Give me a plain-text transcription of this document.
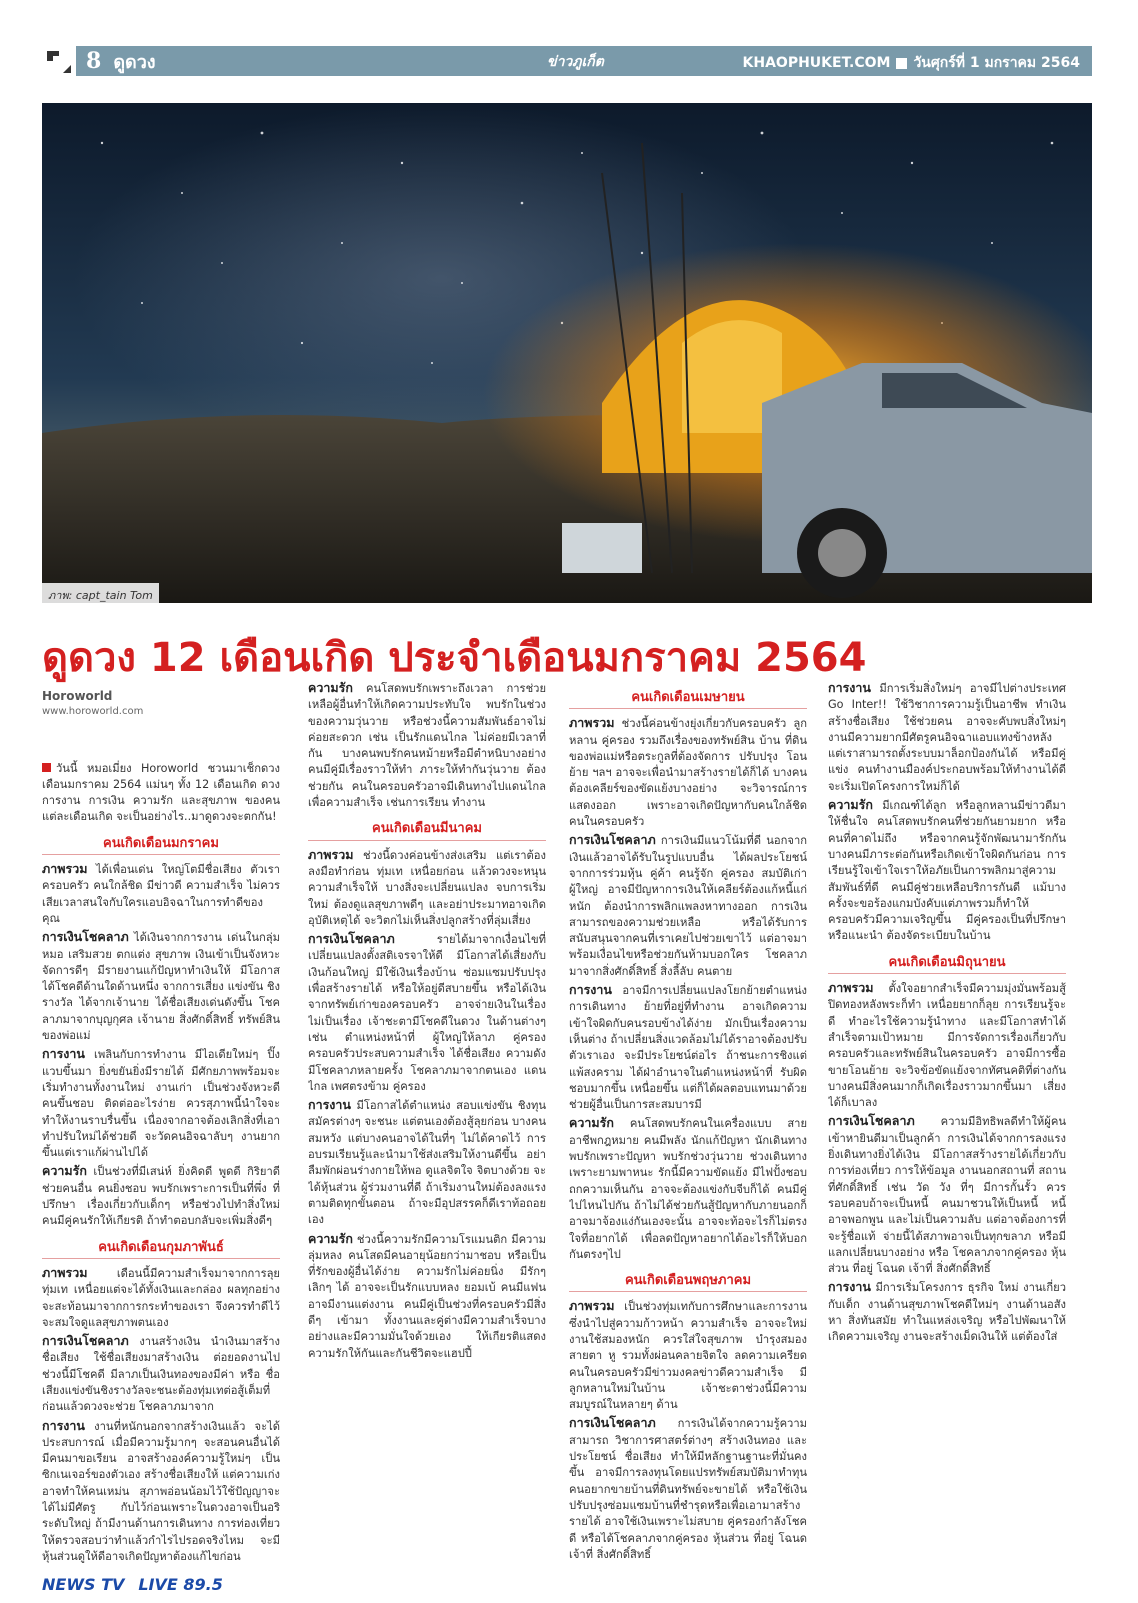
8 ดูดวง	ข่าวภูเก็ต	KHAOPHUKET.COM วันศุกร์ที่ 1 มกราคม 2564
ภาพ: capt_tain Tom
ดูดวง 12 เดือนเกิด ประจำเดือนมกราคม 2564
Horoworld
www.horoworld.com
วันนี้ หมอเมี่ยง Horoworld ชวนมาเช็กดวงเดือนมกราคม 2564 แม่นๆ ทั้ง 12 เดือนเกิด ดวงการงาน การเงิน ความรัก และสุขภาพ ของคนแต่ละเดือนเกิด จะเป็นอย่างไร..มาดูดวงจะตกกัน!
คนเกิดเดือนมกราคม

ภาพรวม ได้เพื่อนเด่น ใหญ่โตมีชื่อเสียง ตัวเราครอบครัว คนใกล้ชิด มีข่าวดี ความสำเร็จ ไม่ควรเสียเวลาสนใจกับใครแอบอิจฉาในการทำดีของคุณ

การเงินโชคลาภ ได้เงินจากการงาน เด่นในกลุ่มหมอ เสริมสวย ตกแต่ง สุขภาพ เงินเข้าเป็นจังหวะ จัดการดีๆ มีรายงานแก้ปัญหาทำเงินให้ มีโอกาสได้โชคดีด้านใดด้านหนึ่ง จากการเสี่ยง แข่งขัน ชิงรางวัล ได้จากเจ้านาย ได้ชื่อเสียงเด่นดังขึ้น โชคลาภมาจากบุญกุศล เจ้านาย สิ่งศักดิ์สิทธิ์ ทรัพย์สินของพ่อแม่

การงาน เพลินกับการทำงาน มีไอเดียใหม่ๆ ปิ๊งแวบขึ้นมา ยิ่งขยันยิ่งมีรายได้ มีศักยภาพพร้อมจะเริ่มทำงานทั้งงานใหม่ งานเก่า เป็นช่วงจังหวะดีคนขึ้นชอบ ติดต่ออะไรง่าย ควรสุภาพนี้นำใจจะทำให้งานราบรื่นขึ้น เนื่องจากอาจต้องเลิกสิ่งที่เอาทำปรับใหม่ได้ช่วยดี จะวัดคนอิจฉาลับๆ งานยากขึ้นแต่เราแก้ผ่านไปได้

ความรัก เป็นช่วงที่มีเสน่ห์ ยิ่งคิดดี พูดดี กิริยาดี ช่วยคนอื่น คนยิ่งชอบ พบรักเพราะการเป็นที่พึ่ง ที่ปรึกษา เรื่องเกี่ยวกับเด็กๆ หรือช่วงไปทำสิ่งใหม่ คนมีคู่คนรักให้เกียรติ ถ้าทำตอบกลับจะเพิ่มสิ่งดีๆ

คนเกิดเดือนกุมภาพันธ์

ภาพรวม	เดือนนี้มีความสำเร็จมาจากการลุยทุ่มเท เหนื่อยแต่จะได้ทั้งเงินและกล่อง ผลทุกอย่างจะสะท้อนมาจากการกระทำของเรา จึงควรทำดีไว้จะสมใจดูแลสุขภาพตนเอง

การเงินโชคลาภ งานสร้างเงิน นำเงินมาสร้างชื่อเสียง ใช้ชื่อเสียงมาสร้างเงิน ต่อยอดงานไป ช่วงนี้มีโชคดี มีลาภเป็นเงินทองของมีค่า หรือ ชื่อเสียงแข่งขันชิงรางวัลจะชนะต้องทุ่มเทต่อสู้เต็มที่ก่อนแล้วดวงจะช่วย โชคลาภมาจาก

การงาน งานที่หนักนอกจากสร้างเงินแล้ว จะได้ประสบการณ์ เมื่อมีความรู้มากๆ จะสอนคนอื่นได้ มีคนมาขอเรียน อาจสร้างองค์ความรู้ใหม่ๆ เป็นซิกเนเจอร์ของตัวเอง สร้างชื่อเสียงให้ แต่ความเก่งอาจทำให้คนเหม่น สุภาพอ่อนน้อมไว้ใช้ปัญญาจะได้ไม่มีศัตรู กับไว้ก่อนเพราะในดวงอาจเป็นอริระดับใหญ่ ถ้ามีงานด้านการเดินทาง การท่องเที่ยวให้ตรวจสอบว่าทำแล้วกำไรไปรอดจริงไหม จะมีหุ้นส่วนดูให้ดีอาจเกิดปัญหาต้องแก้ไขก่อน

ความรัก คนโสดพบรักเพราะถึงเวลา การช่วยเหลือผู้อื่นทำให้เกิดความประทับใจ พบรักในช่วงของความวุ่นวาย หรือช่วงนี้ความสัมพันธ์อาจไม่ค่อยสะดวก เช่น เป็นรักแดนไกล ไม่ค่อยมีเวลาที่กัน บางคนพบรักคนหม้ายหรือมีตำหนิบางอย่าง คนมีคู่มีเรื่องราวให้ทำ ภาระให้ทำกันวุ่นวาย ต้องช่วยกัน คนในครอบครัวอาจมีเดินทางไปแดนไกลเพื่อความสำเร็จ เช่นการเรียน ทำงาน

คนเกิดเดือนมีนาคม

ภาพรวม ช่วงนี้ดวงค่อนข้างส่งเสริม แต่เราต้องลงมือทำก่อน ทุ่มเท เหนื่อยก่อน แล้วดวงจะหนุน ความสำเร็จให้ บางสิ่งจะเปลี่ยนแปลง จบการเริ่มใหม่ ต้องดูแลสุขภาพดีๆ และอย่าประมาทอาจเกิดอุบัติเหตุได้ จะวิตกไม่เห็นสิ่งปลูกสร้างที่ลุ่มเสี่ยง

การเงินโชคลาภ	รายได้มาจากเงื่อนไขที่เปลี่ยนแปลงตั้งสติเจรจาให้ดี มีโอกาสได้เสี่ยงกับเงินก้อนใหญ่ มีใช้เงินเรื่องบ้าน ซ่อมแซมปรับปรุงเพื่อสร้างรายได้ หรือให้อยู่ดีสบายขึ้น หรือได้เงินจากทรัพย์เก่าของครอบครัว อาจจ่ายเงินในเรื่องไม่เป็นเรื่อง เจ้าชะตามีโชคดีในดวง ในด้านต่างๆ เช่น ตำแหน่งหน้าที่ ผู้ใหญ่ให้ลาภ คู่ครองครอบครัวประสบความสำเร็จ ได้ชื่อเสียง ความดัง มีโชคลาภหลายครั้ง โชคลาภมาจากตนเอง แดนไกล เพศตรงข้าม คู่ครอง

การงาน มีโอกาสได้ตำแหน่ง สอบแข่งขัน ชิงทุนสมัครต่างๆ จะชนะ แต่ตนเองต้องสู้ลุยก่อน บางคนสมหวัง แต่บางคนอาจได้ในที่ๆ ไม่ได้คาดไว้ การอบรมเรียนรู้และนำมาใช้ส่งเสริมให้งานดีขึ้น อย่าลืมพักผ่อนร่างกายให้พอ ดูแลจิตใจ จิตบางด้วย จะได้หุ้นส่วน ผู้ร่วมงานที่ดี ถ้าเริ่มงานใหม่ต้องลงแรงตามติดทุกขั้นตอน ถ้าจะมีอุปสรรคก็ดีเราท้อถอยเอง

ความรัก ช่วงนี้ความรักมีความโรแมนติก มีความลุ่มหลง คนโสดมีคนอายุน้อยกว่ามาชอบ หรือเป็นที่รักของผู้อื่นได้ง่าย ความรักไม่ค่อยนิ่ง มีรักๆ เลิกๆ ได้ อาจจะเป็นรักแบบหลง ยอมเบ้ คนมีแฟนอาจมีงานแต่งงาน คนมีคู่เป็นช่วงที่ครอบครัวมีสิ่งดีๆ เข้ามา ทั้งงานและคู่ต่างมีความสำเร็จบางอย่างและมีความมั่นใจด้วยเอง ให้เกียรติแสดงความรักให้กันและกันชีวิตจะแฮปปี้

คนเกิดเดือนเมษายน

ภาพรวม ช่วงนี้ค่อนข้างยุ่งเกี่ยวกับครอบครัว ลูกหลาน คู่ครอง รวมถึงเรื่องของทรัพย์สิน บ้าน ที่ดิน ของพ่อแม่หรือตระกูลที่ต้องจัดการ ปรับปรุง โอนย้าย ฯลฯ อาจจะเพื่อนำมาสร้างรายได้ก็ได้ บางคนต้องเคลียร์ของขัดแย้งบางอย่าง จะวิจารณ์การแสดงออก เพราะอาจเกิดปัญหากับคนใกล้ชิด คนในครอบครัว

การเงินโชคลาภ การเงินมีแนวโน้มที่ดี นอกจากเงินแล้วอาจได้รับในรูปแบบอื่น ได้ผลประโยชน์จากการร่วมหุ้น คู่ค้า คนรู้จัก คู่ครอง สมบัติเก่า ผู้ใหญ่ อาจมีปัญหาการเงินให้เคลียร์ต้องแก้หนี้แก่หนัก ต้องนำการพลิกแพลงหาทางออก การเงินสามารถของความช่วยเหลือ หรือได้รับการสนับสนุนจากคนที่เราเคยไปช่วยเขาไว้ แต่อาจมาพร้อมเงื่อนไขหรือช่วยกันห้ามบอกใคร โชคลาภมาจากสิ่งศักดิ์สิทธิ์ สิ่งลี้ลับ คนตาย

การงาน อาจมีการเปลี่ยนแปลงโยกย้ายตำแหน่ง การเดินทาง ย้ายที่อยู่ที่ทำงาน อาจเกิดความเข้าใจผิดกับคนรอบข้างได้ง่าย มักเป็นเรื่องความเห็นต่าง ถ้าเปลี่ยนสิ่งแวดล้อมไม่ได้ราอาจต้องปรับตัวเราเอง จะมีประโยชน์ต่อไร ถ้าชนะการชิงแต่แพ้สงคราม ได้ฝ่าอำนาจในตำแหน่งหน้าที่ รับผิดชอบมากขึ้น เหนื่อยขึ้น แต่ก็ได้ผลตอบแทนมาด้วย ช่วยผู้อื่นเป็นการสะสมบารมี

ความรัก คนโสดพบรักคนในเครื่องแบบ สายอาชีพกฎหมาย คนมีพลัง นักแก้ปัญหา นักเดินทาง พบรักเพราะปัญหา พบรักช่วงวุ่นวาย ช่วงเดินทาง เพราะยามพาหนะ รักนี้มีความขัดแย้ง มีไฟปั้งชอบถกความเห็นกัน อาจจะต้องแข่งกับจีบก็ได้ คนมีคู่ไปไหนไปกัน ถ้าไม่ได้ช่วยกันสู้ปัญหากับภายนอกก็อาจมาจ้องแง่กันเองจะนั้น อาจจะท้อจะไรก็ไม่ตรงใจที่อยากได้ เพื่อลดปัญหาอยากได้อะไรก็ให้บอกกันตรงๆไป

คนเกิดเดือนพฤษภาคม

ภาพรวม เป็นช่วงทุ่มเทกับการศึกษาและการงานซึ่งนำไปสู่ความก้าวหน้า ความสำเร็จ อาจจะใหม่งานใช้สมองหนัก ควรใส่ใจสุขภาพ บำรุงสมอง สายตา หู รวมทั้งผ่อนคลายจิตใจ ลดความเครียด คนในครอบครัวมีข่าวมงคลข่าวดีความสำเร็จ มีลูกหลานใหม่ในบ้าน เจ้าชะตาช่วงนี้มีความสมบูรณ์ในหลายๆ ด้าน

การเงินโชคลาภ การเงินได้จากความรู้ความสามารถ วิชาการศาสตร์ต่างๆ สร้างเงินทอง และประโยชน์ ชื่อเสียง ทำให้มีหลักฐานฐานะที่มั่นคงขึ้น อาจมีการลงทุนโดยแปรทรัพย์สมบัติมาทำทุน คนอยากขายบ้านที่ดินทรัพย์จะขายได้ หรือใช้เงินปรับปรุงซ่อมแซมบ้านที่ชำรุดหรือเพื่อเอามาสร้างรายได้ อาจใช้เงินเพราะไม่สบาย คู่ครองกำลังโชคดี หรือได้โชคลาภจากคู่ครอง หุ้นส่วน ที่อยู่ โฉนด เจ้าที่ สิ่งศักดิ์สิทธิ์

การงาน มีการเริ่มสิ่งใหม่ๆ อาจมีไปต่างประเทศ Go Inter!! ใช้วิชาการความรู้เป็นอาชีพ ทำเงิน สร้างชื่อเสียง ใช้ช่วยคน อาจจะคับพบสิ่งใหม่ๆ งานมีความยากมีศัตรูคนอิจฉาแอบแทงข้างหลัง แต่เราสามารถตั้งระบบมาล็อกป้องกันได้ หรือมีคู่แข่ง คนทำงานมืองค์ประกอบพร้อมให้ทำงานได้ดีจะเริ่มเปิดโครงการใหม่ก็ได้

ความรัก มีเกณฑ์ได้ลูก หรือลูกหลานมีข่าวดีมาให้ชื่นใจ คนโสดพบรักคนที่ช่วยกันยามยาก หรือคนที่คาดไม่ถึง หรือจากคนรู้จักพัฒนามารักกัน บางคนมีภาระต่อกันหรือเกิดเข้าใจผิดกันก่อน การเรียนรู้ใจเข้าใจเราให้อภัยเป็นการพลิกมาสู่ความสัมพันธ์ที่ดี คนมีคู่ช่วยเหลือบริการกันดี แม้บางครั้งจะขอร้องแกมบังคับแต่ภาพรวมก็ทำให้ครอบครัวมีความเจริญขึ้น มีคู่ครองเป็นที่ปรึกษาหรือแนะนำ ต้องจัดระเบียบในบ้าน

คนเกิดเดือนมิถุนายน

ภาพรวม ตั้งใจอยากสำเร็จมีความมุ่งมั่นพร้อมสู้ ปิดทองหลังพระก็ทำ เหนื่อยยากก็ลุย การเรียนรู้จะดี ทำอะไรใช้ความรู้นำทาง และมีโอกาสทำได้สำเร็จตามเป้าหมาย มีการจัดการเรื่องเกี่ยวกับครอบครัวและทรัพย์สินในครอบครัว อาจมีการซื้อขายโอนย้าย จะวิจข้อขัดแย้งจากทัศนคติที่ต่างกัน บางคนมีสิ่งคนมากก็เกิดเรื่องราวมากขึ้นมา เสี่ยงได้ก็เบาลง

การเงินโชคลาภ ความมีอิทธิพลดีทำให้ผู้คนเข้าหายินดีมาเป็นลูกค้า การเงินได้จากการลงแรง ยิ่งเดินทางยิ่งได้เงิน มีโอกาสสร้างรายได้เกี่ยวกับการท่องเที่ยว การให้ข้อมูล งานนอกสถานที่ สถานที่ศักดิ์สิทธิ์ เช่น วัด วัง ที่ๆ มีการกั้นรั้ว ควรรอบคอบถ้าจะเป็นหนี้ คนมาชวนให้เป็นหนี้ หนี้อาจพอกพูน และไม่เป็นความลับ แต่อาจต้องการที่จะรู้ชื่อแท้ จ่ายนี้ได้สภาพอาจเป็นทุกขลาภ หรือมีแลกเปลี่ยนบางอย่าง หรือ โชคลาภจากคู่ครอง หุ้นส่วน ที่อยู่ โฉนด เจ้าที่ สิ่งศักดิ์สิทธิ์

การงาน มีการเริ่มโครงการ ธุรกิจ ใหม่ งานเกี่ยวกับเด็ก งานด้านสุขภาพโชคดีใหม่ๆ งานด้านอสังหา สิ่งทันสมัย ทำในแหล่งเจริญ หรือไปพัฒนาให้เกิดความเจริญ งานจะสร้างเม็ดเงินให้ แต่ต้องใส่

NEWS TV LIVE 89.5
